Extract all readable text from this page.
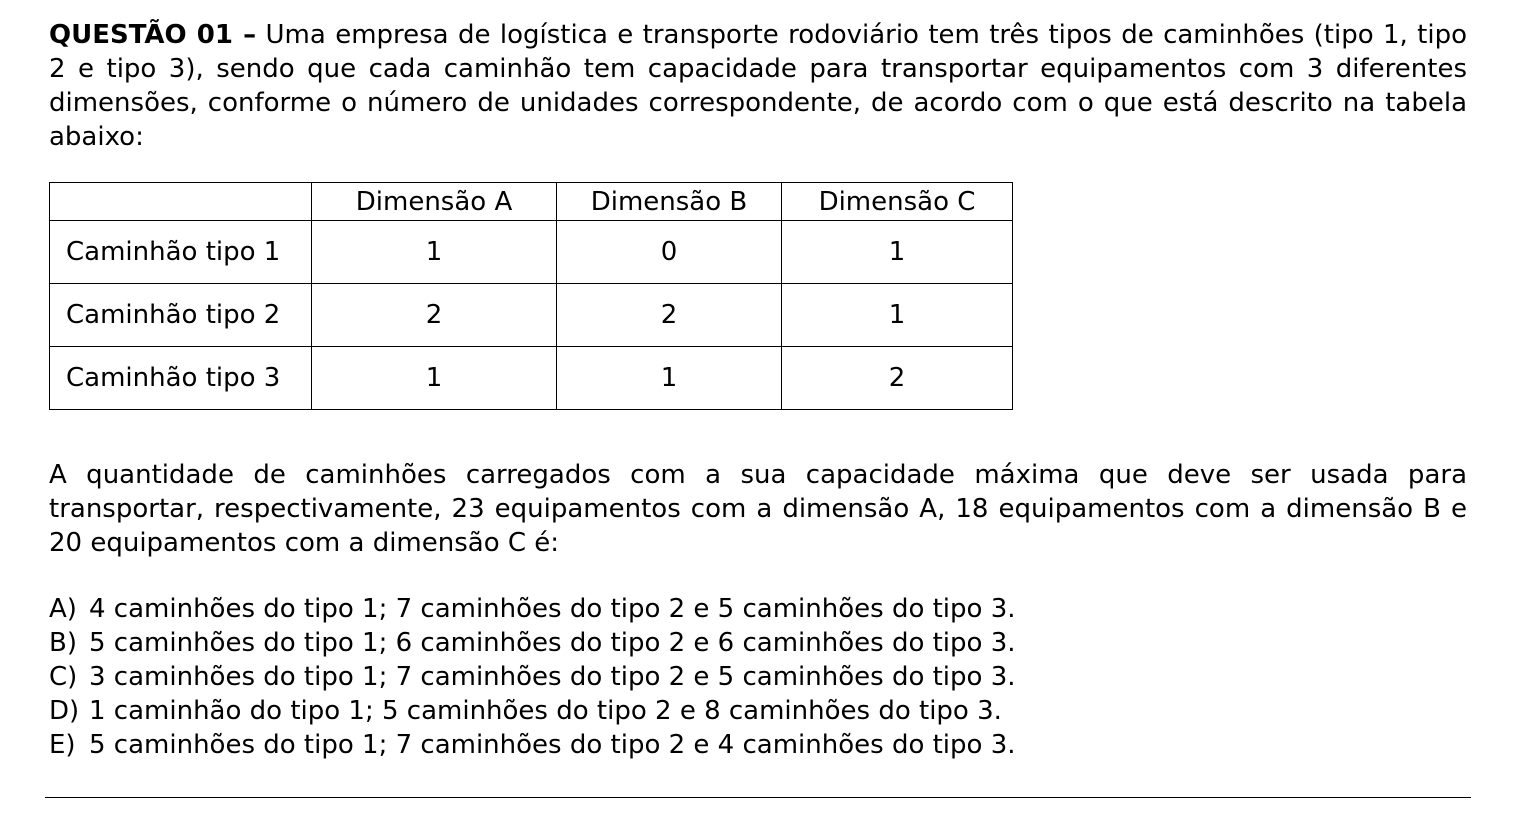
QUESTÃO 01 – Uma empresa de logística e transporte rodoviário tem três tipos de caminhões (tipo 1, tipo 2 e tipo 3), sendo que cada caminhão tem capacidade para transportar equipamentos com 3 diferentes dimensões, conforme o número de unidades correspondente, de acordo com o que está descrito na tabela abaixo:

	Dimensão A	Dimensão B	Dimensão C
Caminhão tipo 1	1	0	1
Caminhão tipo 2	2	2	1
Caminhão tipo 3	1	1	2

A quantidade de caminhões carregados com a sua capacidade máxima que deve ser usada para transportar, respectivamente, 23 equipamentos com a dimensão A, 18 equipamentos com a dimensão B e 20 equipamentos com a dimensão C é:

A) 4 caminhões do tipo 1; 7 caminhões do tipo 2 e 5 caminhões do tipo 3.
B) 5 caminhões do tipo 1; 6 caminhões do tipo 2 e 6 caminhões do tipo 3.
C) 3 caminhões do tipo 1; 7 caminhões do tipo 2 e 5 caminhões do tipo 3.
D) 1 caminhão do tipo 1; 5 caminhões do tipo 2 e 8 caminhões do tipo 3.
E) 5 caminhões do tipo 1; 7 caminhões do tipo 2 e 4 caminhões do tipo 3.
